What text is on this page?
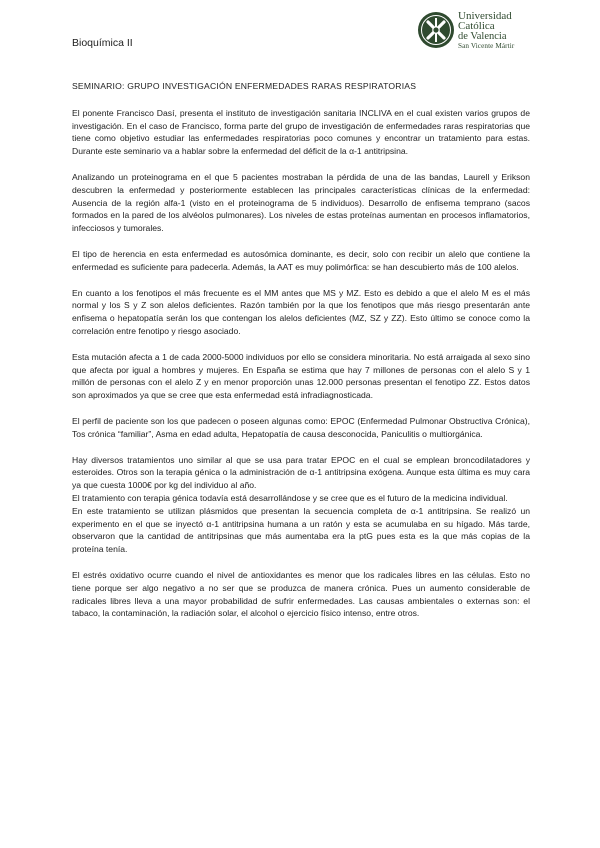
Bioquímica II
Universidad
Católica
de Valencia
San Vicente Mártir
SEMINARIO: GRUPO INVESTIGACIÓN ENFERMEDADES RARAS RESPIRATORIAS

El ponente Francisco Dasí, presenta el instituto de investigación sanitaria INCLIVA en el cual existen varios grupos de investigación. En el caso de Francisco, forma parte del grupo de investigación de enfermedades raras respiratorias que tiene como objetivo estudiar las enfermedades respiratorias poco comunes y encontrar un tratamiento para estas. Durante este seminario va a hablar sobre la enfermedad del déficit de la α-1 antitripsina.

Analizando un proteinograma en el que 5 pacientes mostraban la pérdida de una de las bandas, Laurell y Erikson descubren la enfermedad y posteriormente establecen las principales características clínicas de la enfermedad: Ausencia de la región alfa-1 (visto en el proteinograma de 5 individuos). Desarrollo de enfisema temprano (sacos formados en la pared de los alvéolos pulmonares). Los niveles de estas proteínas aumentan en procesos inflamatorios, infecciosos y tumorales.

El tipo de herencia en esta enfermedad es autosómica dominante, es decir, solo con recibir un alelo que contiene la enfermedad es suficiente para padecerla. Además, la AAT es muy polimórfica: se han descubierto más de 100 alelos.

En cuanto a los fenotipos el más frecuente es el MM antes que MS y MZ. Esto es debido a que el alelo M es el más normal y los S y Z son alelos deficientes. Razón también por la que los fenotipos que más riesgo presentarán ante enfisema o hepatopatía serán los que contengan los alelos deficientes (MZ, SZ y ZZ). Esto último se conoce como la correlación entre fenotipo y riesgo asociado.

Esta mutación afecta a 1 de cada 2000-5000 individuos por ello se considera minoritaria. No está arraigada al sexo sino que afecta por igual a hombres y mujeres. En España se estima que hay 7 millones de personas con el alelo S y 1 millón de personas con el alelo Z y en menor proporción unas 12.000 personas presentan el fenotipo ZZ. Estos datos son aproximados ya que se cree que esta enfermedad está infradiagnosticada.

El perfil de paciente son los que padecen o poseen algunas como: EPOC (Enfermedad Pulmonar Obstructiva Crónica), Tos crónica “familiar”, Asma en edad adulta, Hepatopatía de causa desconocida, Paniculitis o multiorgánica.

Hay diversos tratamientos uno similar al que se usa para tratar EPOC en el cual se emplean broncodilatadores y esteroides. Otros son la terapia génica o la administración de α-1 antitripsina exógena. Aunque esta última es muy cara ya que cuesta 1000€ por kg del individuo al año.

El tratamiento con terapia génica todavía está desarrollándose y se cree que es el futuro de la medicina individual.

En este tratamiento se utilizan plásmidos que presentan la secuencia completa de α-1 antitripsina. Se realizó un experimento en el que se inyectó α-1 antitripsina humana a un ratón y esta se acumulaba en su hígado. Más tarde, observaron que la cantidad de antitripsinas que más aumentaba era la ptG pues esta es la que más copias de la proteína tenía.

El estrés oxidativo ocurre cuando el nivel de antioxidantes es menor que los radicales libres en las células. Esto no tiene porque ser algo negativo a no ser que se produzca de manera crónica. Pues un aumento considerable de radicales libres lleva a una mayor probabilidad de sufrir enfermedades. Las causas ambientales o externas son: el tabaco, la contaminación, la radiación solar, el alcohol o ejercicio físico intenso, entre otros.
